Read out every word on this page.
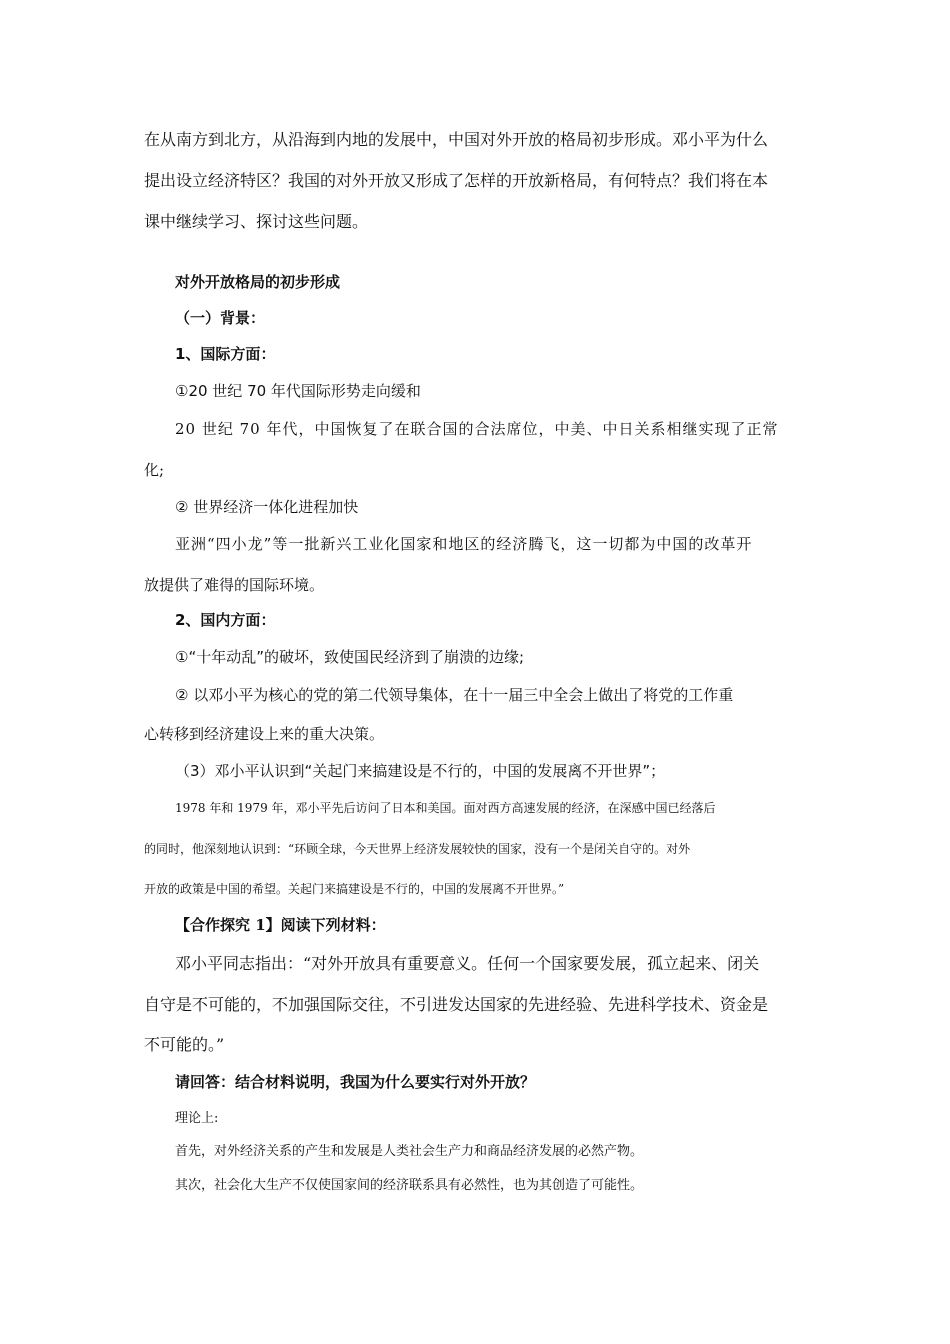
在从南方到北方，从沿海到内地的发展中，中国对外开放的格局初步形成。邓小平为什么
提出设立经济特区？我国的对外开放又形成了怎样的开放新格局，有何特点？我们将在本
课中继续学习、探讨这些问题。
对外开放格局的初步形成
（一）背景：
1、国际方面：
①20 世纪 70 年代国际形势走向缓和
20 世纪 70 年代，中国恢复了在联合国的合法席位，中美、中日关系相继实现了正常
化;
② 世界经济一体化进程加快
亚洲“四小龙”等一批新兴工业化国家和地区的经济腾飞，这一切都为中国的改革开
放提供了难得的国际环境。
2、国内方面：
①“十年动乱”的破坏，致使国民经济到了崩溃的边缘;
② 以邓小平为核心的党的第二代领导集体，在十一届三中全会上做出了将党的工作重
心转移到经济建设上来的重大决策。
（3）邓小平认识到“关起门来搞建设是不行的，中国的发展离不开世界”；
1978 年和 1979 年，邓小平先后访问了日本和美国。面对西方高速发展的经济，在深感中国已经落后
的同时，他深刻地认识到：“环顾全球，今天世界上经济发展较快的国家，没有一个是闭关自守的。对外
开放的政策是中国的希望。关起门来搞建设是不行的，中国的发展离不开世界。”
【合作探究 1】阅读下列材料：
邓小平同志指出：“对外开放具有重要意义。任何一个国家要发展，孤立起来、闭关
自守是不可能的，不加强国际交往，不引进发达国家的先进经验、先进科学技术、资金是
不可能的。”
请回答：结合材料说明，我国为什么要实行对外开放？
理论上:
首先，对外经济关系的产生和发展是人类社会生产力和商品经济发展的必然产物。
其次，社会化大生产不仅使国家间的经济联系具有必然性，也为其创造了可能性。
